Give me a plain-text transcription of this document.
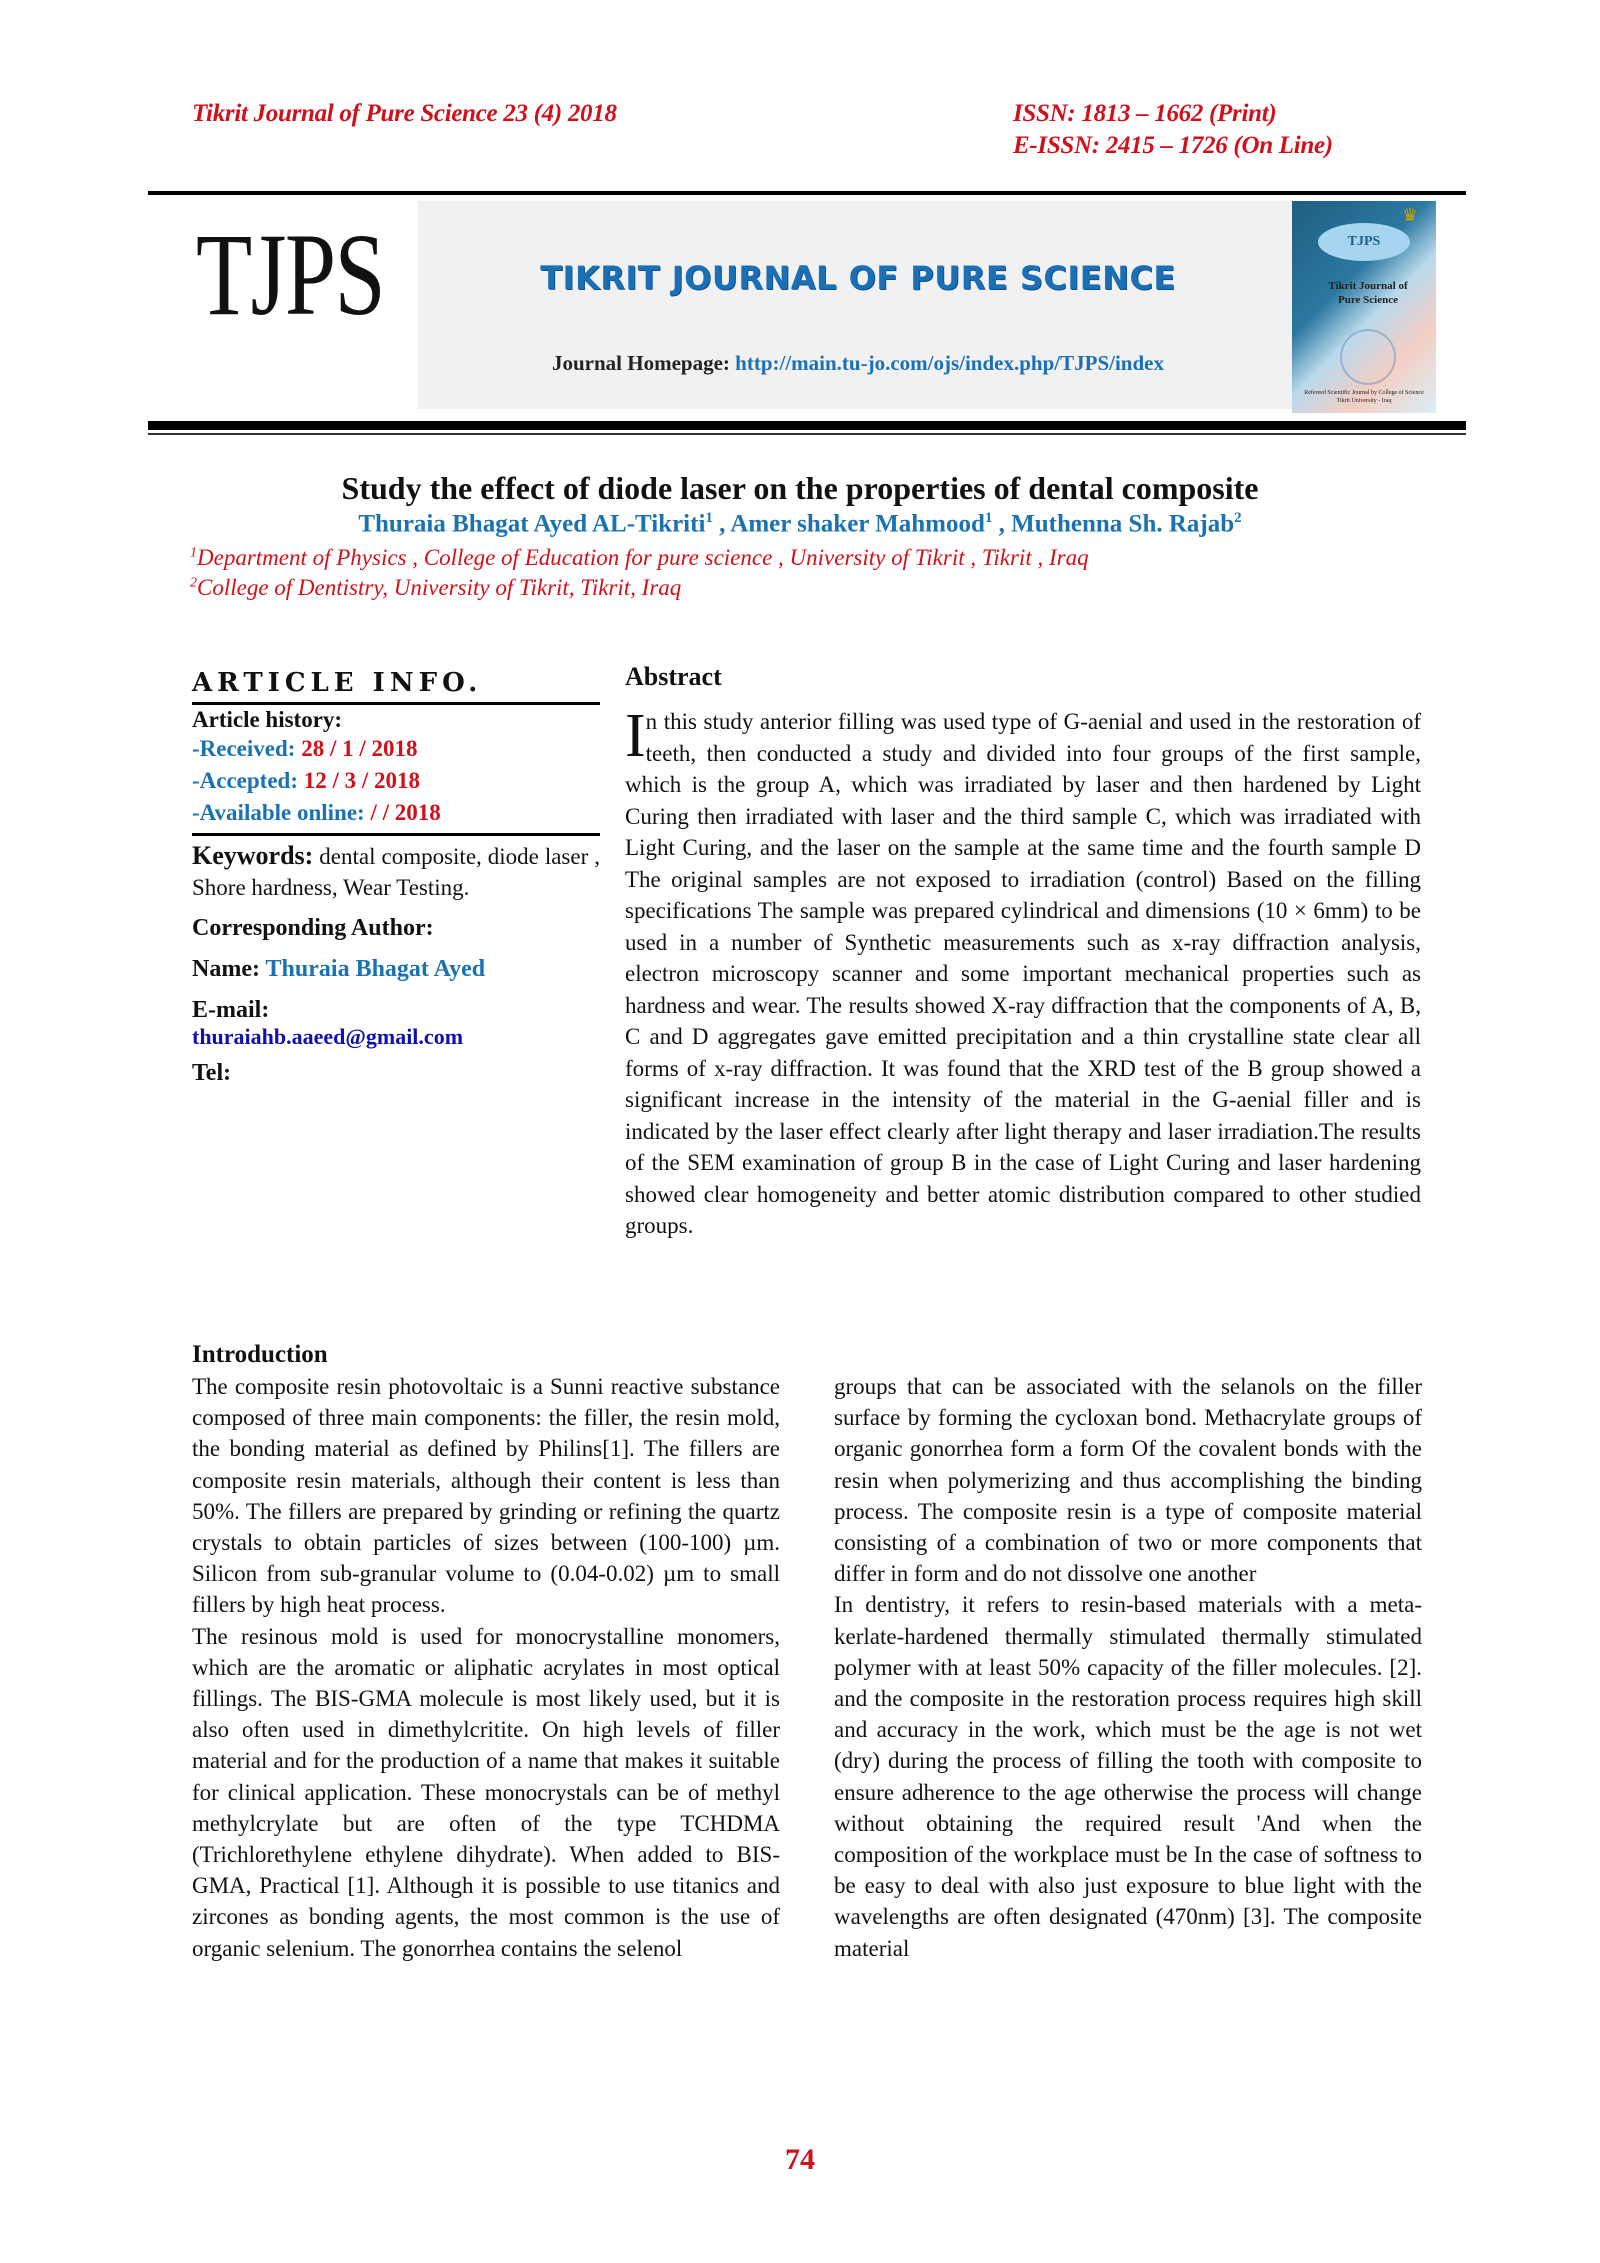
Tikrit Journal of Pure Science 23 (4) 2018	ISSN: 1813 – 1662 (Print)
E-ISSN: 2415 – 1726 (On Line)
TJPS	TIKRIT JOURNAL OF PURE SCIENCE
Journal Homepage: http://main.tu-jo.com/ojs/index.php/TJPS/index
♛
TJPS
Tikrit Journal of
Pure Science
Refereed Scientific Journal by College of Science Tikrit University - Iraq
Study the effect of diode laser on the properties of dental composite
Thuraia Bhagat Ayed AL-Tikriti$^1$ , Amer shaker Mahmood$^1$ , Muthenna Sh. Rajab$^2$
$^1$Department of Physics , College of Education for pure science , University of Tikrit , Tikrit , Iraq
$^2$College of Dentistry, University of Tikrit, Tikrit, Iraq
ARTICLE INFO.
Article history:
-Received: 28 / 1 / 2018
-Accepted: 12 / 3 / 2018
-Available online: / / 2018
Keywords: dental composite, diode laser , Shore hardness, Wear Testing.
Corresponding Author:
Name: Thuraia Bhagat Ayed
E-mail:
thuraiahb.aaeed@gmail.com
Tel:
Abstract
In this study anterior filling was used type of G-aenial and used in the restoration of teeth, then conducted a study and divided into four groups of the first sample, which is the group A, which was irradiated by laser and then hardened by Light Curing then irradiated with laser and the third sample C, which was irradiated with Light Curing, and the laser on the sample at the same time and the fourth sample D The original samples are not exposed to irradiation (control) Based on the filling specifications The sample was prepared cylindrical and dimensions (10 × 6mm) to be used in a number of Synthetic measurements such as x-ray diffraction analysis, electron microscopy scanner and some important mechanical properties such as hardness and wear. The results showed X-ray diffraction that the components of A, B, C and D aggregates gave emitted precipitation and a thin crystalline state clear all forms of x-ray diffraction. It was found that the XRD test of the B group showed a significant increase in the intensity of the material in the G-aenial filler and is indicated by the laser effect clearly after light therapy and laser irradiation.The results of the SEM examination of group B in the case of Light Curing and laser hardening showed clear homogeneity and better atomic distribution compared to other studied groups.
Introduction

The composite resin photovoltaic is a Sunni reactive substance composed of three main components: the filler, the resin mold, the bonding material as defined by Philins[1]. The fillers are composite resin materials, although their content is less than 50%. The fillers are prepared by grinding or refining the quartz crystals to obtain particles of sizes between (100-100) µm. Silicon from sub-granular volume to (0.04-0.02) µm to small fillers by high heat process.

The resinous mold is used for monocrystalline monomers, which are the aromatic or aliphatic acrylates in most optical fillings. The BIS-GMA molecule is most likely used, but it is also often used in dimethylcritite. On high levels of filler material and for the production of a name that makes it suitable for clinical application. These monocrystals can be of methyl methylcrylate but are often of the type TCHDMA (Trichlorethylene ethylene dihydrate). When added to BIS-GMA, Practical [1]. Although it is possible to use titanics and zircones as bonding agents, the most common is the use of organic selenium. The gonorrhea contains the selenol

groups that can be associated with the selanols on the filler surface by forming the cycloxan bond. Methacrylate groups of organic gonorrhea form a form Of the covalent bonds with the resin when polymerizing and thus accomplishing the binding process. The composite resin is a type of composite material consisting of a combination of two or more components that differ in form and do not dissolve one another

In dentistry, it refers to resin-based materials with a meta-kerlate-hardened thermally stimulated thermally stimulated polymer with at least 50% capacity of the filler molecules. [2]. and the composite in the restoration process requires high skill and accuracy in the work, which must be the age is not wet (dry) during the process of filling the tooth with composite to ensure adherence to the age otherwise the process will change without obtaining the required result 'And when the composition of the workplace must be In the case of softness to be easy to deal with also just exposure to blue light with the wavelengths are often designated (470nm) [3]. The composite material

74
